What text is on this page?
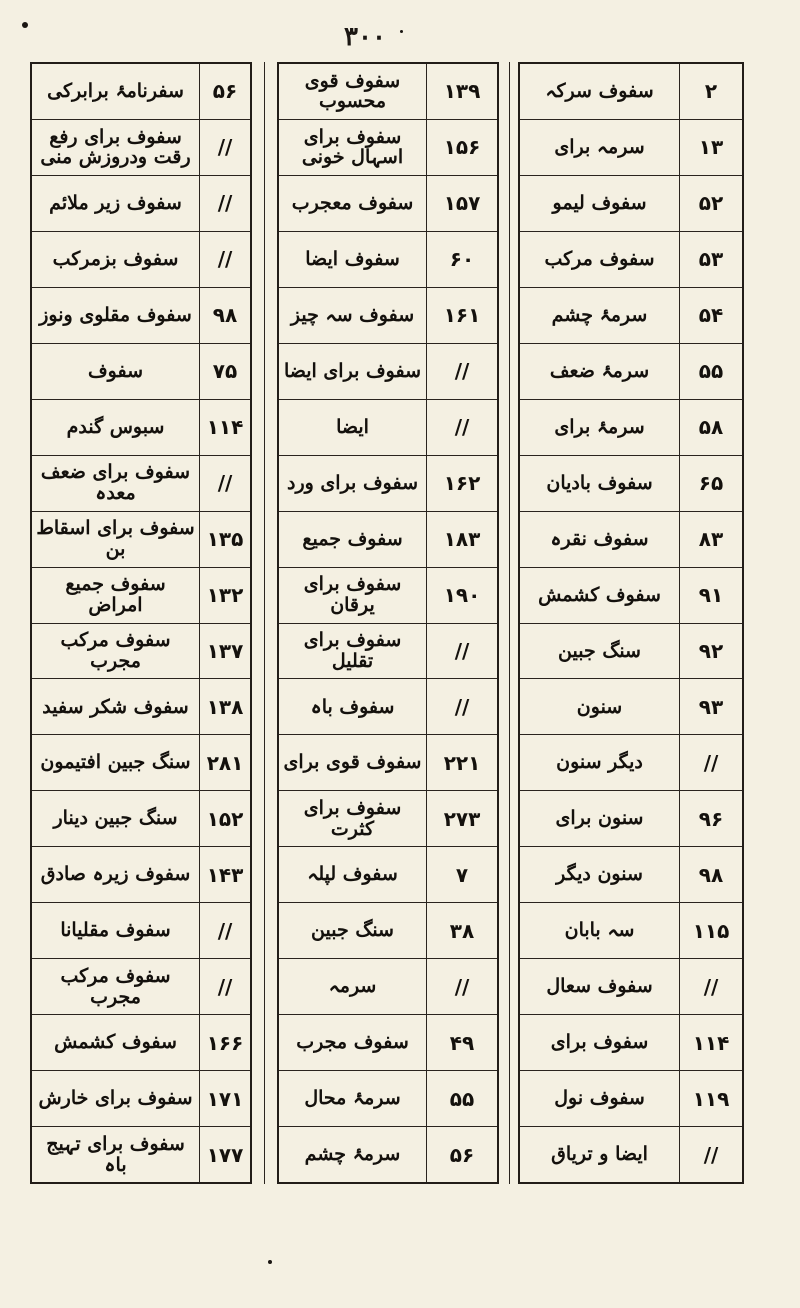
۳۰۰
سفرنامۂ برابرکی	۵۶
سفوف برای رفع رقت ودروزش منی	//
سفوف زیر ملائم	//
سفوف بزمرکب	//
سفوف مقلوی ونوز	۹۸
سفوف	۷۵
سبوس گندم	۱۱۴
سفوف برای ضعف معدہ	//
سفوف برای اسقاط بن	۱۳۵
سفوف جمیع امراض	۱۳۲
سفوف مرکب مجرب	۱۳۷
سفوف شکر سفید ۱۳۸
سنگ جبین افتیمون ۲۸۱
سنگ جبین دینار	۱۵۲
سفوف زیرہ صادق ۱۴۳
سفوف مقلیانا	//
سفوف مرکب مجرب	//
سفوف کشمش	۱۶۶
سفوف برای خارش ۱۷۱
سفوف برای تہیج باہ	۱۷۷
سفوف قوی محسوب	۱۳۹
سفوف برای اسہال خونی	۱۵۶
سفوف معجرب	۱۵۷
سفوف ایضا	۶۰
سفوف سہ چیز	۱۶۱
سفوف برای ایضا	//
ایضا	//
سفوف برای ورد	۱۶۲
سفوف جمیع	۱۸۳
سفوف برای یرقان	۱۹۰
سفوف برای تقلیل	//
سفوف باہ	//
سفوف قوی برای	۲۲۱
سفوف برای کثرت	۲۷۳
سفوف لپلہ	۷
سنگ جبین	۳۸
سرمہ	//
سفوف مجرب	۴۹
سرمۂ محال	۵۵
سرمۂ چشم	۵۶
سفوف سرکہ	۲
سرمہ برای	۱۳
سفوف لیمو	۵۲
سفوف مرکب	۵۳
سرمۂ چشم	۵۴
سرمۂ ضعف	۵۵
سرمۂ برای	۵۸
سفوف بادیان	۶۵
سفوف نقرہ	۸۳
سفوف کشمش	۹۱
سنگ جبین	۹۲
سنون	۹۳
دیگر سنون	//
سنون برای	۹۶
سنون دیگر	۹۸
سہ بابان	۱۱۵
سفوف سعال	//
سفوف برای	۱۱۴
سفوف نول	۱۱۹
ایضا و تریاق	//
